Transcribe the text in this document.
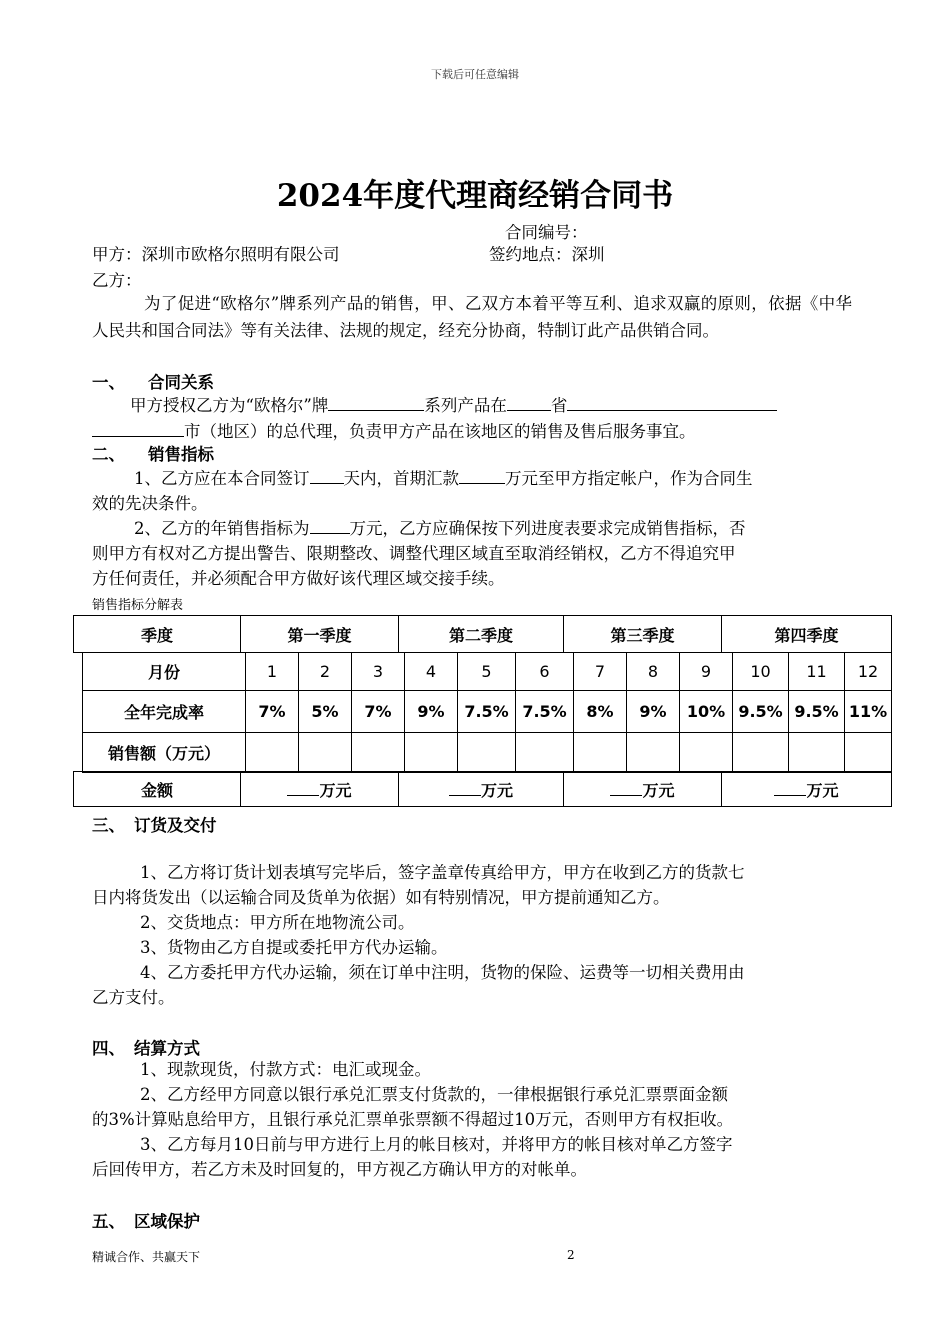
下载后可任意编辑
2024年度代理商经销合同书
合同编号：
甲方：深圳市欧格尔照明有限公司	签约地点：深圳
乙方：
为了促进“欧格尔”牌系列产品的销售，甲、乙双方本着平等互利、追求双赢的原则，依据《中华人民共和国合同法》等有关法律、法规的规定，经充分协商，特制订此产品供销合同。
一、 合同关系
甲方授权乙方为“欧格尔”牌	系列产品在	省
市（地区）的总代理，负责甲方产品在该地区的销售及售后服务事宜。
二、 销售指标
1、乙方应在本合同签订 天内，首期汇款	万元至甲方指定帐户，作为合同生
效的先决条件。
2、乙方的年销售指标为 万元，乙方应确保按下列进度表要求完成销售指标，否
则甲方有权对乙方提出警告、限期整改、调整代理区域直至取消经销权，乙方不得追究甲
方任何责任，并必须配合甲方做好该代理区域交接手续。
销售指标分解表
季度	第一季度	第二季度	第三季度	第四季度
月份	1	2	3	4	5	6	7	8	9	10	11	12
全年完成率	7%	5%	7%	9%	7.5%	7.5%	8%	9%	10%	9.5%	9.5%	11%
销售额（万元）												
金额	万元	万元	万元	万元
三、 订货及交付
1、乙方将订货计划表填写完毕后，签字盖章传真给甲方，甲方在收到乙方的货款七
日内将货发出（以运输合同及货单为依据）如有特别情况，甲方提前通知乙方。
2、交货地点：甲方所在地物流公司。
3、货物由乙方自提或委托甲方代办运输。
4、乙方委托甲方代办运输，须在订单中注明，货物的保险、运费等一切相关费用由
乙方支付。
四、 结算方式
1、现款现货，付款方式：电汇或现金。
2、乙方经甲方同意以银行承兑汇票支付货款的，一律根据银行承兑汇票票面金额
的3%计算贴息给甲方，且银行承兑汇票单张票额不得超过10万元，否则甲方有权拒收。
3、乙方每月10日前与甲方进行上月的帐目核对，并将甲方的帐目核对单乙方签字
后回传甲方，若乙方未及时回复的，甲方视乙方确认甲方的对帐单。
五、 区域保护
精诚合作、共赢天下	2
